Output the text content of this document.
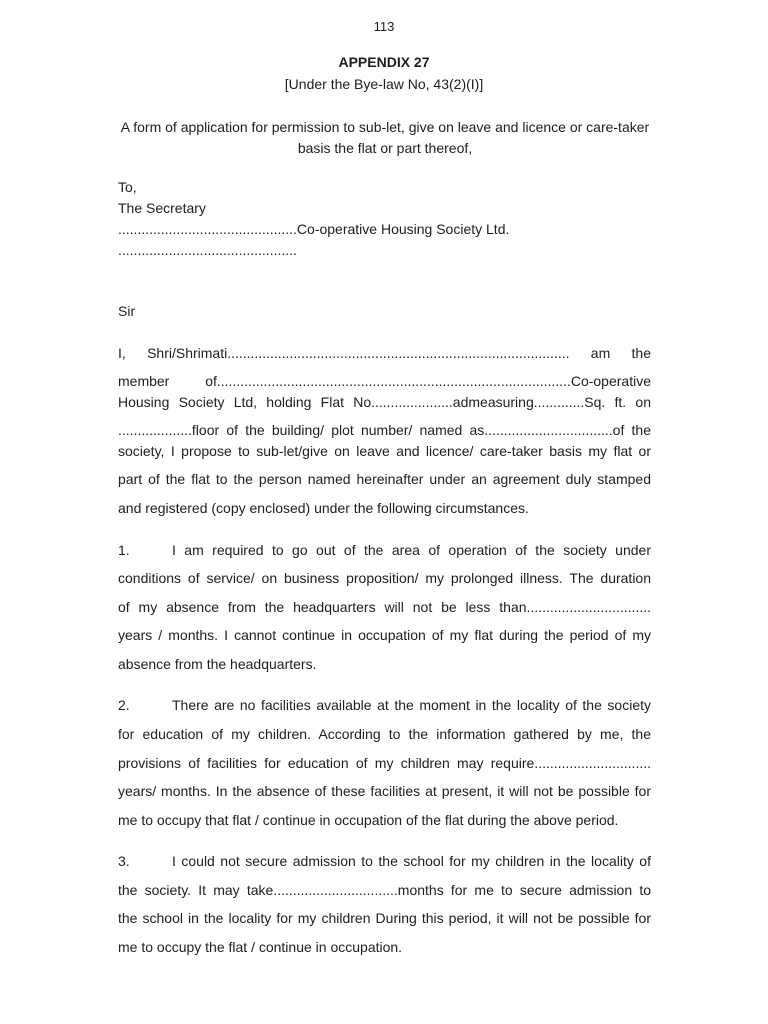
113
APPENDIX 27
[Under the Bye-law No, 43(2)(I)]
A form of application for permission to sub-let, give on leave and licence or care-taker basis the flat or part thereof,
To,
The Secretary
..............................................Co-operative Housing Society Ltd.
..............................................
Sir
I, Shri/Shrimati........................................................................................ am the
member of...........................................................................................Co-operative
Housing Society Ltd, holding Flat No.....................admeasuring.............Sq. ft. on
...................floor of the building/ plot number/ named as.................................of the
society, I propose to sub-let/give on leave and licence/ care-taker basis my flat or
part of the flat to the person named hereinafter under an agreement duly stamped
and registered (copy enclosed) under the following circumstances.
1.	I am required to go out of the area of operation of the society under
conditions of service/ on business proposition/ my prolonged illness. The duration
of my absence from the headquarters will not be less than................................
years / months. I cannot continue in occupation of my flat during the period of my
absence from the headquarters.
2.	There are no facilities available at the moment in the locality of the society
for education of my children. According to the information gathered by me, the
provisions of facilities for education of my children may require..............................
years/ months. In the absence of these facilities at present, it will not be possible for
me to occupy that flat / continue in occupation of the flat during the above period.
3.	I could not secure admission to the school for my children in the locality of
the society. It may take................................months for me to secure admission to
the school in the locality for my children During this period, it will not be possible for
me to occupy the flat / continue in occupation.
